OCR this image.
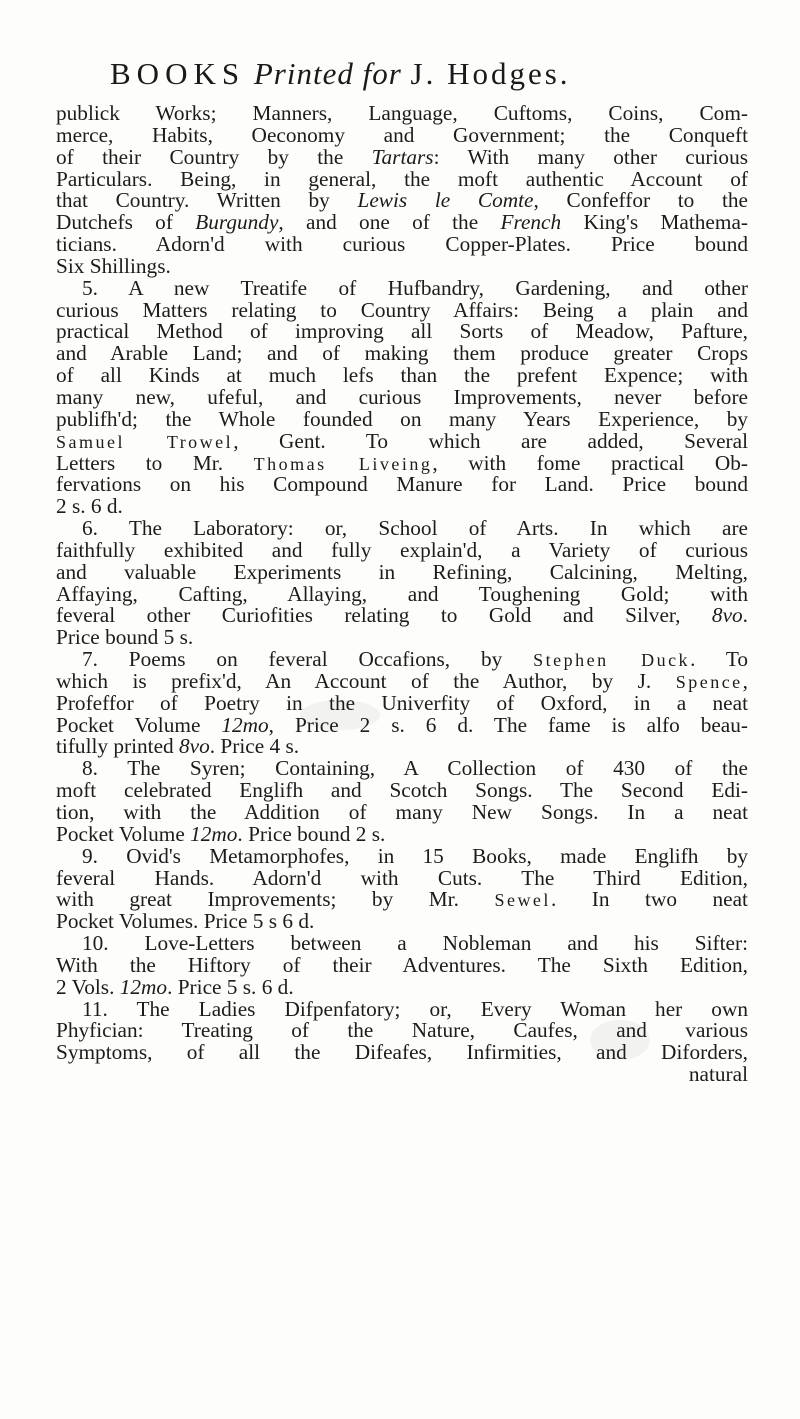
BOOKS Printed for J. Hodges.
publick Works; Manners, Language, Cuftoms, Coins, Com-
merce, Habits, Oeconomy and Government; the Conqueft
of their Country by the Tartars: With many other curious
Particulars. Being, in general, the moft authentic Account of
that Country. Written by Lewis le Comte, Confeffor to the
Dutchefs of Burgundy, and one of the French King's Mathema-
ticians. Adorn'd with curious Copper-Plates. Price bound
Six Shillings.
5. A new Treatife of Hufbandry, Gardening, and other
curious Matters relating to Country Affairs: Being a plain and
practical Method of improving all Sorts of Meadow, Pafture,
and Arable Land; and of making them produce greater Crops
of all Kinds at much lefs than the prefent Expence; with
many new, ufeful, and curious Improvements, never before
publifh'd; the Whole founded on many Years Experience, by
Samuel Trowel, Gent. To which are added, Several
Letters to Mr. Thomas Liveing, with fome practical Ob-
fervations on his Compound Manure for Land. Price bound
2 s. 6 d.
6. The Laboratory: or, School of Arts. In which are
faithfully exhibited and fully explain'd, a Variety of curious
and valuable Experiments in Refining, Calcining, Melting,
Affaying, Cafting, Allaying, and Toughening Gold; with
feveral other Curiofities relating to Gold and Silver, 8vo.
Price bound 5 s.
7. Poems on feveral Occafions, by Stephen Duck. To
which is prefix'd, An Account of the Author, by J. Spence,
Profeffor of Poetry in the Univerfity of Oxford, in a neat
Pocket Volume 12mo, Price 2 s. 6 d. The fame is alfo beau-
tifully printed 8vo. Price 4 s.
8. The Syren; Containing, A Collection of 430 of the
moft celebrated Englifh and Scotch Songs. The Second Edi-
tion, with the Addition of many New Songs. In a neat
Pocket Volume 12mo. Price bound 2 s.
9. Ovid's Metamorphofes, in 15 Books, made Englifh by
feveral Hands. Adorn'd with Cuts. The Third Edition,
with great Improvements; by Mr. Sewel. In two neat
Pocket Volumes. Price 5 s 6 d.
10. Love-Letters between a Nobleman and his Sifter:
With the Hiftory of their Adventures. The Sixth Edition,
2 Vols. 12mo. Price 5 s. 6 d.
11. The Ladies Difpenfatory; or, Every Woman her own
Phyfician: Treating of the Nature, Caufes, and various
Symptoms, of all the Difeafes, Infirmities, and Diforders,
natural
